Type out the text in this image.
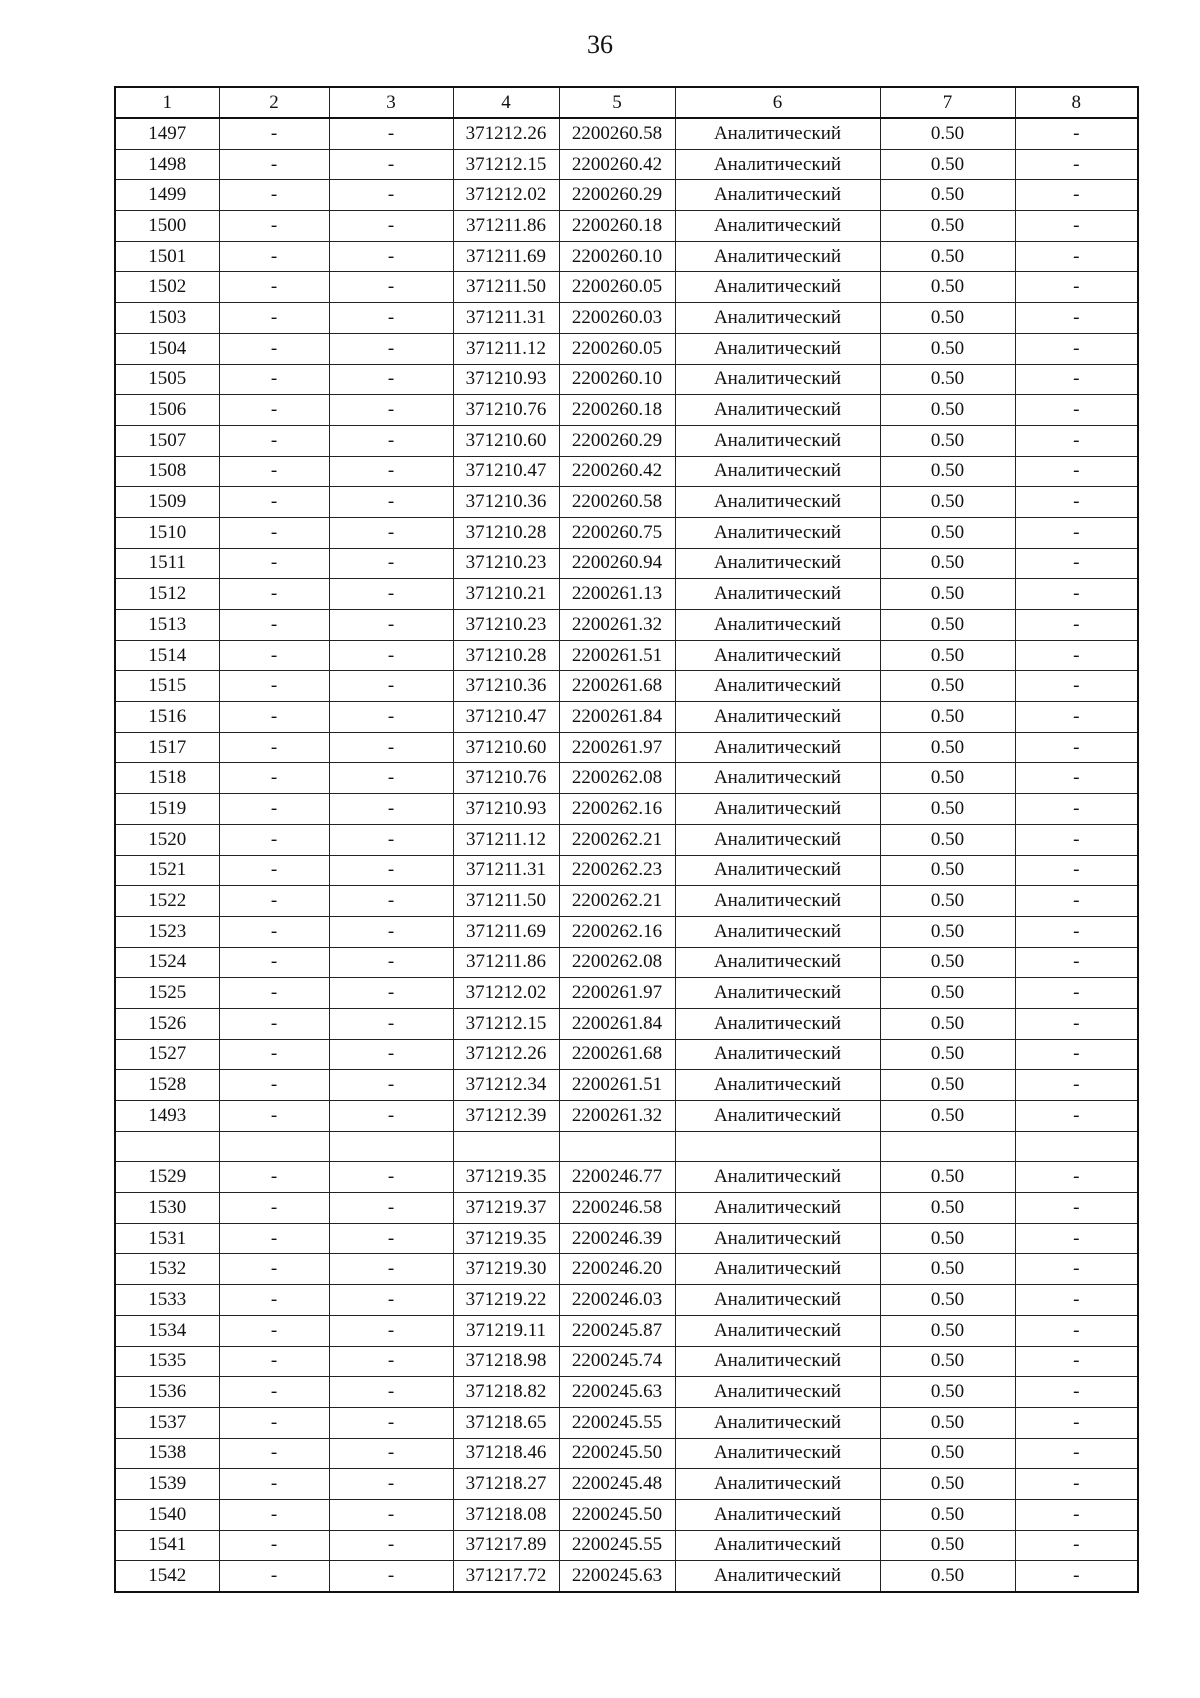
36
1	2	3	4	5	6	7	8
1497	-	-	371212.26	2200260.58	Аналитический	0.50	-
1498	-	-	371212.15	2200260.42	Аналитический	0.50	-
1499	-	-	371212.02	2200260.29	Аналитический	0.50	-
1500	-	-	371211.86	2200260.18	Аналитический	0.50	-
1501	-	-	371211.69	2200260.10	Аналитический	0.50	-
1502	-	-	371211.50	2200260.05	Аналитический	0.50	-
1503	-	-	371211.31	2200260.03	Аналитический	0.50	-
1504	-	-	371211.12	2200260.05	Аналитический	0.50	-
1505	-	-	371210.93	2200260.10	Аналитический	0.50	-
1506	-	-	371210.76	2200260.18	Аналитический	0.50	-
1507	-	-	371210.60	2200260.29	Аналитический	0.50	-
1508	-	-	371210.47	2200260.42	Аналитический	0.50	-
1509	-	-	371210.36	2200260.58	Аналитический	0.50	-
1510	-	-	371210.28	2200260.75	Аналитический	0.50	-
1511	-	-	371210.23	2200260.94	Аналитический	0.50	-
1512	-	-	371210.21	2200261.13	Аналитический	0.50	-
1513	-	-	371210.23	2200261.32	Аналитический	0.50	-
1514	-	-	371210.28	2200261.51	Аналитический	0.50	-
1515	-	-	371210.36	2200261.68	Аналитический	0.50	-
1516	-	-	371210.47	2200261.84	Аналитический	0.50	-
1517	-	-	371210.60	2200261.97	Аналитический	0.50	-
1518	-	-	371210.76	2200262.08	Аналитический	0.50	-
1519	-	-	371210.93	2200262.16	Аналитический	0.50	-
1520	-	-	371211.12	2200262.21	Аналитический	0.50	-
1521	-	-	371211.31	2200262.23	Аналитический	0.50	-
1522	-	-	371211.50	2200262.21	Аналитический	0.50	-
1523	-	-	371211.69	2200262.16	Аналитический	0.50	-
1524	-	-	371211.86	2200262.08	Аналитический	0.50	-
1525	-	-	371212.02	2200261.97	Аналитический	0.50	-
1526	-	-	371212.15	2200261.84	Аналитический	0.50	-
1527	-	-	371212.26	2200261.68	Аналитический	0.50	-
1528	-	-	371212.34	2200261.51	Аналитический	0.50	-
1493	-	-	371212.39	2200261.32	Аналитический	0.50	-

1529	-	-	371219.35	2200246.77	Аналитический	0.50	-
1530	-	-	371219.37	2200246.58	Аналитический	0.50	-
1531	-	-	371219.35	2200246.39	Аналитический	0.50	-
1532	-	-	371219.30	2200246.20	Аналитический	0.50	-
1533	-	-	371219.22	2200246.03	Аналитический	0.50	-
1534	-	-	371219.11	2200245.87	Аналитический	0.50	-
1535	-	-	371218.98	2200245.74	Аналитический	0.50	-
1536	-	-	371218.82	2200245.63	Аналитический	0.50	-
1537	-	-	371218.65	2200245.55	Аналитический	0.50	-
1538	-	-	371218.46	2200245.50	Аналитический	0.50	-
1539	-	-	371218.27	2200245.48	Аналитический	0.50	-
1540	-	-	371218.08	2200245.50	Аналитический	0.50	-
1541	-	-	371217.89	2200245.55	Аналитический	0.50	-
1542	-	-	371217.72	2200245.63	Аналитический	0.50	-
